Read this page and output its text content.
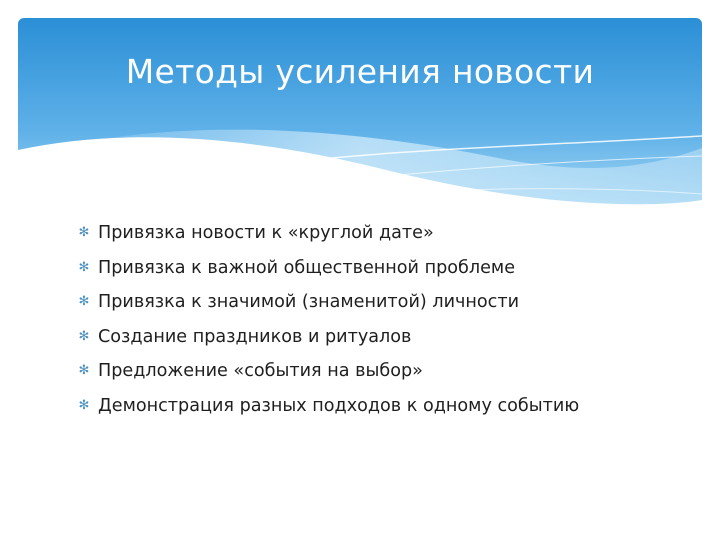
Методы усиления новости
✻ Привязка новости к «круглой дате»
✻ Привязка к важной общественной проблеме
✻ Привязка к значимой (знаменитой) личности
✻ Создание праздников и ритуалов
✻ Предложение «события на выбор»
✻ Демонстрация разных подходов к одному событию
